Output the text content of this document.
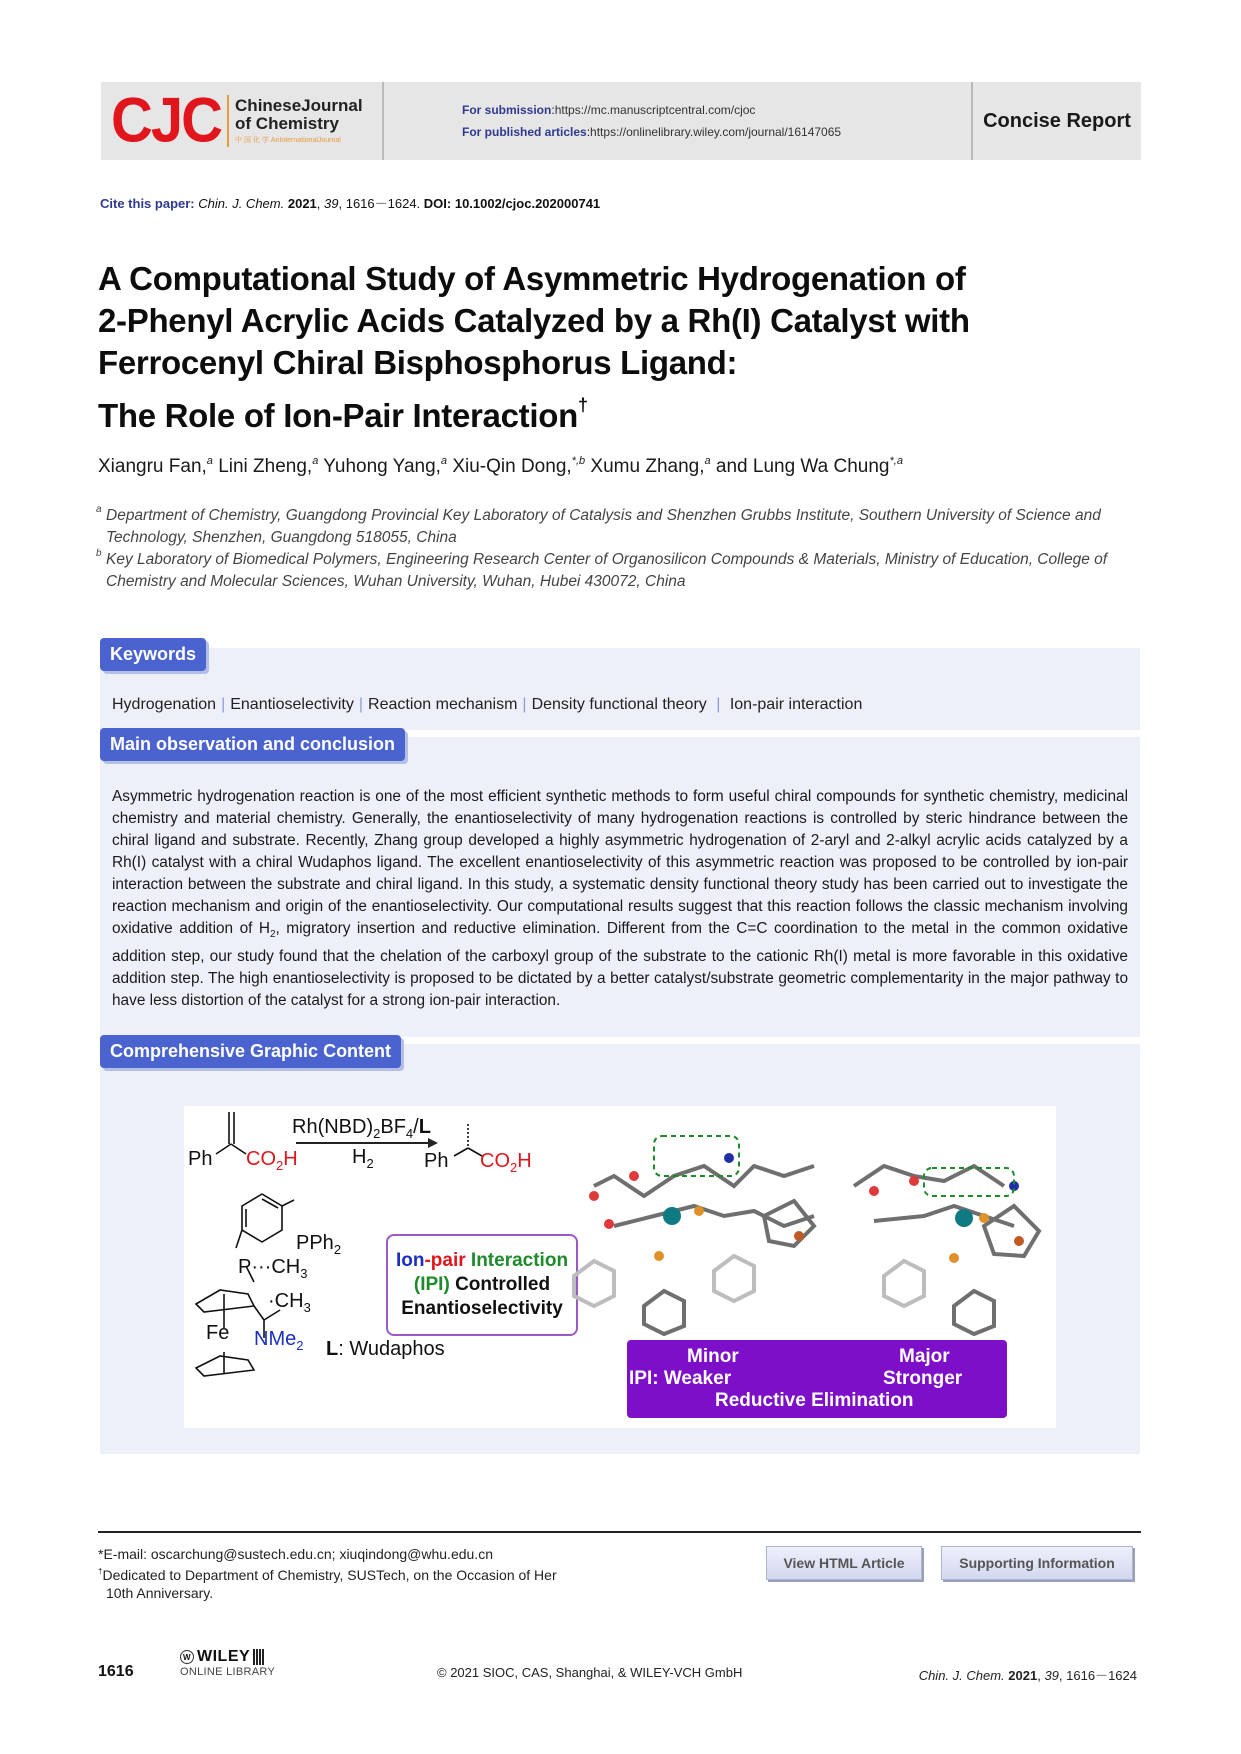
CJC ChineseJournal
of Chemistry
中 国 化 学 AnInternationalJournal
For submission:https://mc.manuscriptcentral.com/cjoc
For published articles:https://onlinelibrary.wiley.com/journal/16147065
Concise Report
Cite this paper: Chin. J. Chem. 2021, 39, 1616－1624. DOI: 10.1002/cjoc.202000741
A Computational Study of Asymmetric Hydrogenation of
2-Phenyl Acrylic Acids Catalyzed by a Rh(I) Catalyst with
Ferrocenyl Chiral Bisphosphorus Ligand:
The Role of Ion-Pair Interaction†
Xiangru Fan,$^a$ Lini Zheng,$^a$ Yuhong Yang,$^a$ Xiu-Qin Dong,$^{*,b}$ Xumu Zhang,$^a$ and Lung Wa Chung$^{*,a}$
a Department of Chemistry, Guangdong Provincial Key Laboratory of Catalysis and Shenzhen Grubbs Institute, Southern University of Science and Technology, Shenzhen, Guangdong 518055, China
b Key Laboratory of Biomedical Polymers, Engineering Research Center of Organosilicon Compounds & Materials, Ministry of Education, College of Chemistry and Molecular Sciences, Wuhan University, Wuhan, Hubei 430072, China
Keywords
Hydrogenation | Enantioselectivity | Reaction mechanism | Density functional theory | Ion-pair interaction
Main observation and conclusion

Asymmetric hydrogenation reaction is one of the most efficient synthetic methods to form useful chiral compounds for synthetic chemistry, medicinal chemistry and material chemistry. Generally, the enantioselectivity of many hydrogenation reactions is controlled by steric hindrance between the chiral ligand and substrate. Recently, Zhang group developed a highly asymmetric hydrogenation of 2-aryl and 2-alkyl acrylic acids catalyzed by a Rh(I) catalyst with a chiral Wudaphos ligand. The excellent enantioselectivity of this asymmetric reaction was proposed to be controlled by ion-pair interaction between the substrate and chiral ligand. In this study, a systematic density functional theory study has been carried out to investigate the reaction mechanism and origin of the enantioselectivity. Our computational results suggest that this reaction follows the classic mechanism involving oxidative addition of $H_2$, migratory insertion and reductive elimination. Different from the C=C coordination to the metal in the common oxidative addition step, our study found that the chelation of the carboxyl group of the substrate to the cationic Rh(I) metal is more favorable in this oxidative addition step. The high enantioselectivity is proposed to be dictated by a better catalyst/substrate geometric complementarity in the major pathway to have less distortion of the catalyst for a strong ion-pair interaction.

Comprehensive Graphic Content
Ph $CO_2H$
$Rh(NBD)_2BF_4/L$
$H_2$	Ph $CO_2H$
PPh$_2$
$P\cdot\cdot\cdot CH_3$
$\cdot CH_3$
Fe NMe$_2$ L: Wudaphos
Ion-pair Interaction
(IPI) Controlled
Enantioselectivity
Minor	Major
IPI: Weaker	Stronger
Reductive Elimination
*E-mail: oscarchung@sustech.edu.cn; xiuqindong@whu.edu.cn
†Dedicated to Department of Chemistry, SUSTech, on the Occasion of Her
10th Anniversary.
View HTML Article	Supporting Information
1616
W WILEY
ONLINE LIBRARY	© 2021 SIOC, CAS, Shanghai, & WILEY-VCH GmbH	Chin. J. Chem. 2021, 39, 1616－1624
